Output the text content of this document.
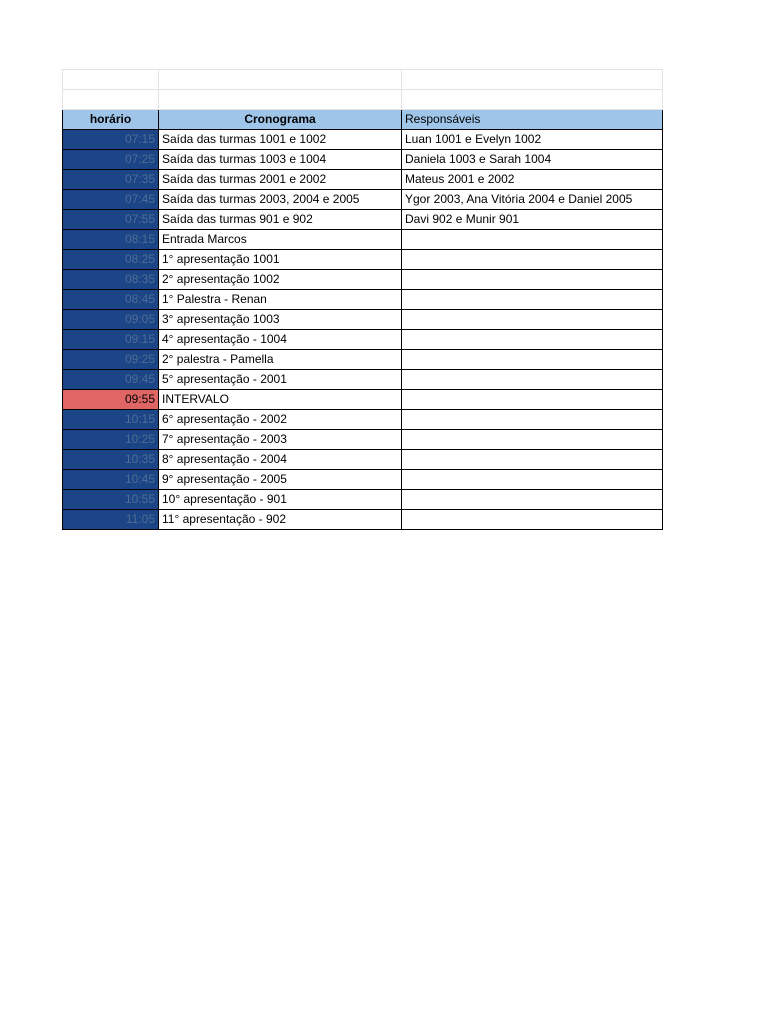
horário	Cronograma	Responsáveis
07:15	Saída das turmas 1001 e 1002	Luan 1001 e Evelyn 1002
07:25	Saída das turmas 1003 e 1004	Daniela 1003 e Sarah 1004
07:35	Saída das turmas 2001 e 2002	Mateus 2001 e 2002
07:45	Saída das turmas 2003, 2004 e 2005	Ygor 2003, Ana Vitória 2004 e Daniel 2005
07:55	Saída das turmas 901 e 902	Davi 902 e Munir 901
08:15	Entrada Marcos	
08:25	1° apresentação 1001	
08:35	2° apresentação 1002	
08:45	1° Palestra - Renan	
09:05	3° apresentação 1003	
09:15	4° apresentação - 1004	
09:25	2° palestra - Pamella	
09:45	5° apresentação - 2001	
09:55	INTERVALO	
10:15	6° apresentação - 2002	
10:25	7° apresentação - 2003	
10:35	8° apresentação - 2004	
10:45	9° apresentação - 2005	
10:55	10° apresentação - 901	
11:05	11° apresentação - 902	
